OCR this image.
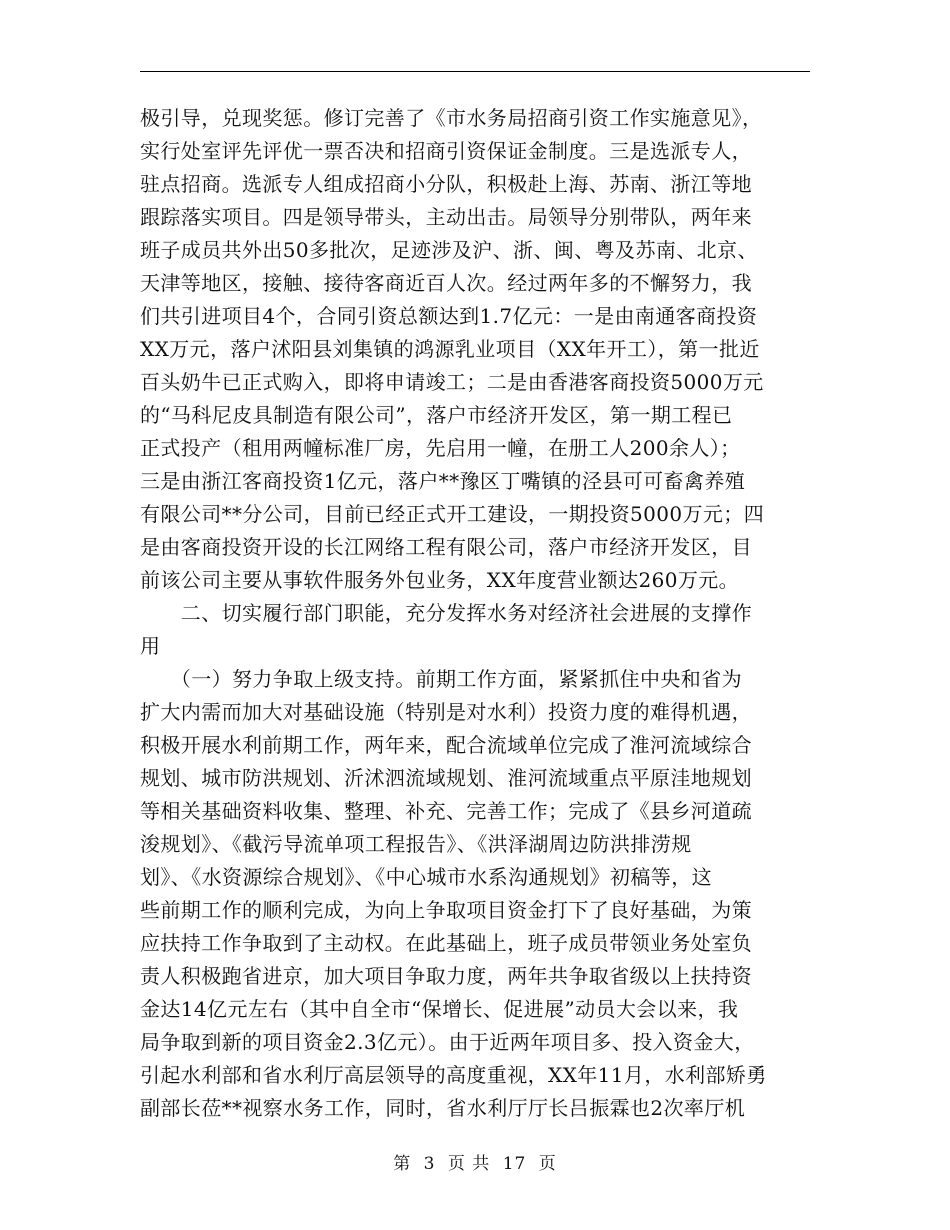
极引导，兑现奖惩。修订完善了《市水务局招商引资工作实施意见》，
实行处室评先评优一票否决和招商引资保证金制度。三是选派专人，
驻点招商。选派专人组成招商小分队，积极赴上海、苏南、浙江等地
跟踪落实项目。四是领导带头，主动出击。局领导分别带队，两年来
班子成员共外出50多批次，足迹涉及沪、浙、闽、粤及苏南、北京、
天津等地区，接触、接待客商近百人次。经过两年多的不懈努力，我
们共引进项目4个，合同引资总额达到1.7亿元：一是由南通客商投资
XX万元，落户沭阳县刘集镇的鸿源乳业项目（XX年开工），第一批近
百头奶牛已正式购入，即将申请竣工；二是由香港客商投资5000万元
的“马科尼皮具制造有限公司”，落户市经济开发区，第一期工程已
正式投产（租用两幢标准厂房，先启用一幢，在册工人200余人）；
三是由浙江客商投资1亿元，落户**豫区丁嘴镇的泾县可可畜禽养殖
有限公司**分公司，目前已经正式开工建设，一期投资5000万元；四
是由客商投资开设的长江网络工程有限公司，落户市经济开发区，目
前该公司主要从事软件服务外包业务，XX年度营业额达260万元。
　　二、切实履行部门职能，充分发挥水务对经济社会进展的支撑作
用
　　（一）努力争取上级支持。前期工作方面，紧紧抓住中央和省为
扩大内需而加大对基础设施（特别是对水利）投资力度的难得机遇，
积极开展水利前期工作，两年来，配合流域单位完成了淮河流域综合
规划、城市防洪规划、沂沭泗流域规划、淮河流域重点平原洼地规划
等相关基础资料收集、整理、补充、完善工作；完成了《县乡河道疏
浚规划》、《截污导流单项工程报告》、《洪泽湖周边防洪排涝规
划》、《水资源综合规划》、《中心城市水系沟通规划》初稿等，这
些前期工作的顺利完成，为向上争取项目资金打下了良好基础，为策
应扶持工作争取到了主动权。在此基础上，班子成员带领业务处室负
责人积极跑省进京，加大项目争取力度，两年共争取省级以上扶持资
金达14亿元左右（其中自全市“保增长、促进展”动员大会以来，我
局争取到新的项目资金2.3亿元）。由于近两年项目多、投入资金大，
引起水利部和省水利厅高层领导的高度重视，XX年11月，水利部矫勇
副部长莅**视察水务工作，同时，省水利厅厅长吕振霖也2次率厅机
第 3 页 共 17 页
